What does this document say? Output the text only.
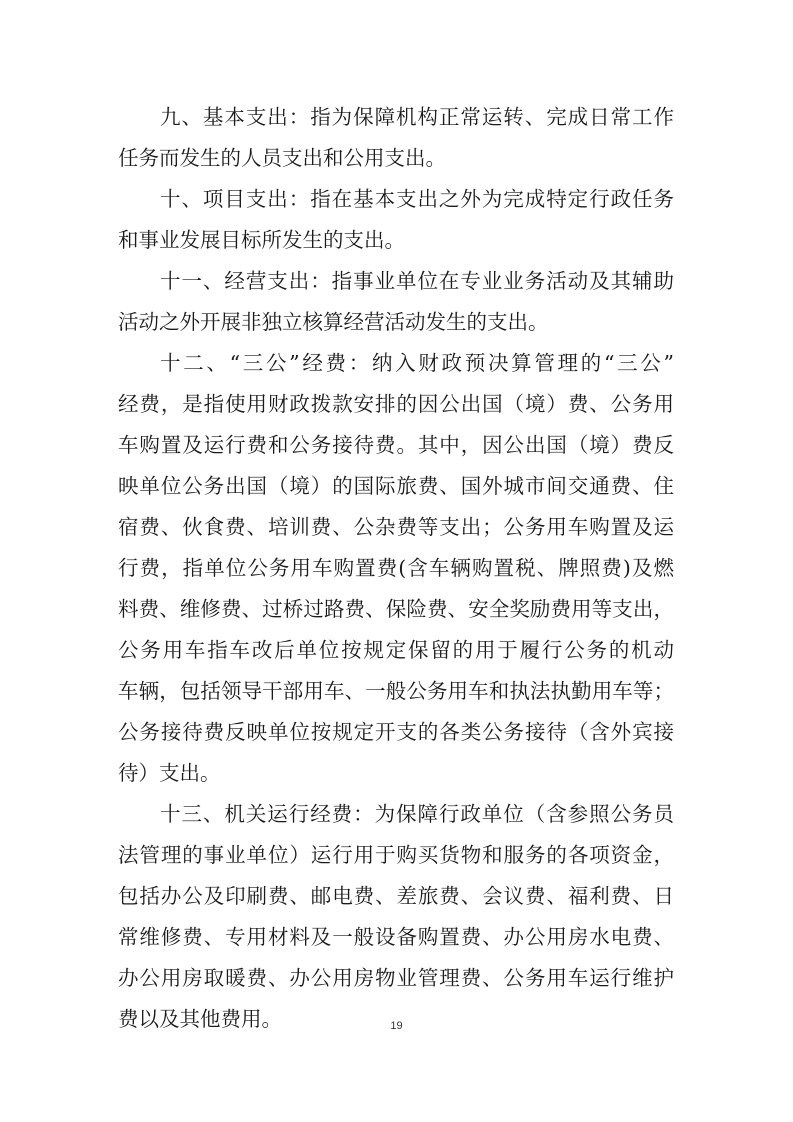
九、基本支出：指为保障机构正常运转、完成日常工作
任务而发生的人员支出和公用支出。
十、项目支出：指在基本支出之外为完成特定行政任务
和事业发展目标所发生的支出。
十一、经营支出：指事业单位在专业业务活动及其辅助
活动之外开展非独立核算经营活动发生的支出。
十二、“三公”经费：纳入财政预决算管理的“三公”
经费，是指使用财政拨款安排的因公出国（境）费、公务用
车购置及运行费和公务接待费。其中，因公出国（境）费反
映单位公务出国（境）的国际旅费、国外城市间交通费、住
宿费、伙食费、培训费、公杂费等支出；公务用车购置及运
行费，指单位公务用车购置费(含车辆购置税、牌照费)及燃
料费、维修费、过桥过路费、保险费、安全奖励费用等支出，
公务用车指车改后单位按规定保留的用于履行公务的机动
车辆，包括领导干部用车、一般公务用车和执法执勤用车等；
公务接待费反映单位按规定开支的各类公务接待（含外宾接
待）支出。
十三、机关运行经费：为保障行政单位（含参照公务员
法管理的事业单位）运行用于购买货物和服务的各项资金，
包括办公及印刷费、邮电费、差旅费、会议费、福利费、日
常维修费、专用材料及一般设备购置费、办公用房水电费、
办公用房取暖费、办公用房物业管理费、公务用车运行维护
费以及其他费用。	19
